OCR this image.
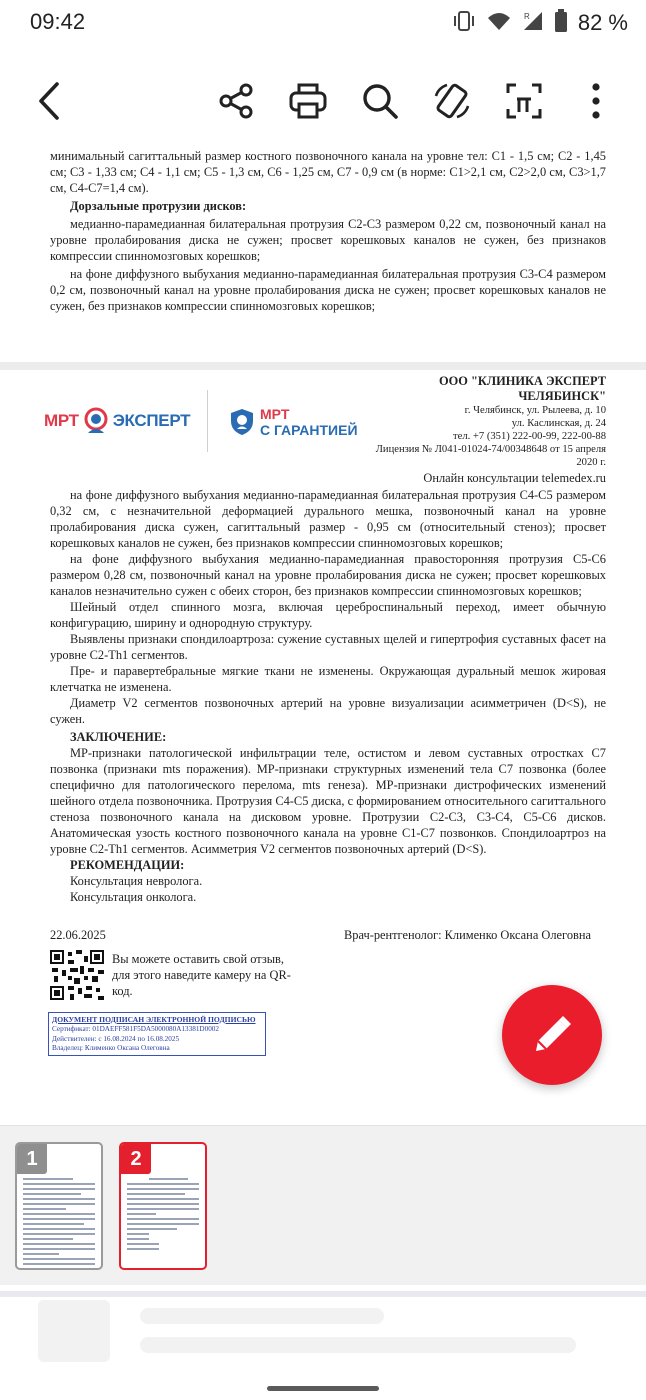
09:42	R 82 %

минимальный сагиттальный размер костного позвоночного канала на уровне тел: С1 - 1,5 см; С2 - 1,45 см; С3 - 1,33 см; С4 - 1,1 см; С5 - 1,3 см, С6 - 1,25 см, С7 - 0,9 см (в норме: С1>2,1 см, С2>2,0 см, С3>1,7 см, С4-С7=1,4 см).

Дорзальные протрузии дисков:

медианно-парамедианная билатеральная протрузия С2-С3 размером 0,22 см, позвоночный канал на уровне пролабирования диска не сужен; просвет корешковых каналов не сужен, без признаков компрессии спинномозговых корешков;

на фоне диффузного выбухания медианно-парамедианная билатеральная протрузия С3-С4 размером 0,2 см, позвоночный канал на уровне пролабирования диска не сужен; просвет корешковых каналов не сужен, без признаков компрессии спинномозговых корешков;

МРТ ЭКСПЕРТ	МРТ
С ГАРАНТИЕЙ
ООО "КЛИНИКА ЭКСПЕРТ
ЧЕЛЯБИНСК"
г. Челябинск, ул. Рылеева, д. 10
ул. Каслинская, д. 24
тел. +7 (351) 222-00-99, 222-00-88
Лицензия № Л041-01024-74/00348648 от 15 апреля
2020 г.
Онлайн консультации telemedex.ru

на фоне диффузного выбухания медианно-парамедианная билатеральная протрузия С4-С5 размером 0,32 см, с незначительной деформацией дурального мешка, позвоночный канал на уровне пролабирования диска сужен, сагиттальный размер - 0,95 см (относительный стеноз); просвет корешковых каналов не сужен, без признаков компрессии спинномозговых корешков;

на фоне диффузного выбухания медианно-парамедианная правосторонняя протрузия С5-С6 размером 0,28 см, позвоночный канал на уровне пролабирования диска не сужен; просвет корешковых каналов незначительно сужен с обеих сторон, без признаков компрессии спинномозговых корешков;

Шейный отдел спинного мозга, включая цереброспинальный переход, имеет обычную конфигурацию, ширину и однородную структуру.

Выявлены признаки спондилоартроза: сужение суставных щелей и гипертрофия суставных фасет на уровне С2-Th1 сегментов.

Пре- и паравертебральные мягкие ткани не изменены. Окружающая дуральный мешок жировая клетчатка не изменена.

Диаметр V2 сегментов позвоночных артерий на уровне визуализации асимметричен (D<S), не сужен.

ЗАКЛЮЧЕНИЕ:

МР-признаки патологической инфильтрации теле, остистом и левом суставных отростках С7 позвонка (признаки mts поражения). МР-признаки структурных изменений тела С7 позвонка (более специфично для патологического перелома, mts генеза). МР-признаки дистрофических изменений шейного отдела позвоночника. Протрузия С4-С5 диска, с формированием относительного сагиттального стеноза позвоночного канала на дисковом уровне. Протрузии С2-С3, С3-С4, С5-С6 дисков. Анатомическая узость костного позвоночного канала на уровне С1-С7 позвонков. Спондилоартроз на уровне С2-Th1 сегментов. Асимметрия V2 сегментов позвоночных артерий (D<S).

РЕКОМЕНДАЦИИ:

Консультация невролога.

Консультация онколога.

22.06.2025	Врач-рентгенолог: Клименко Оксана Олеговна
Вы можете оставить свой отзыв, для этого наведите камеру на QR-код.
ДОКУМЕНТ ПОДПИСАН ЭЛЕКТРОННОЙ ПОДПИСЬЮ
Сертификат: 01DAEFF581F5DA5000080A13381D0002
Действителен: с 16.08.2024 по 16.08.2025
Владелец: Клименко Оксана Олеговна
1	2
